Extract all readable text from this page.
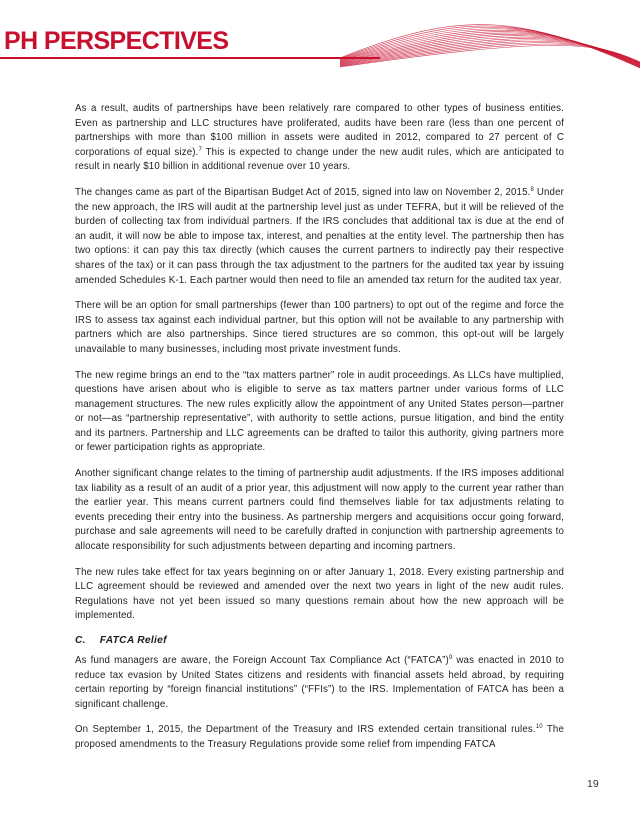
PH PERSPECTIVES

As a result, audits of partnerships have been relatively rare compared to other types of business entities. Even as partnership and LLC structures have proliferated, audits have been rare (less than one percent of partnerships with more than $100 million in assets were audited in 2012, compared to 27 percent of C corporations of equal size).$^7$ This is expected to change under the new audit rules, which are anticipated to result in nearly $10 billion in additional revenue over 10 years.

The changes came as part of the Bipartisan Budget Act of 2015, signed into law on November 2, 2015.$^8$ Under the new approach, the IRS will audit at the partnership level just as under TEFRA, but it will be relieved of the burden of collecting tax from individual partners. If the IRS concludes that additional tax is due at the end of an audit, it will now be able to impose tax, interest, and penalties at the entity level. The partnership then has two options: it can pay this tax directly (which causes the current partners to indirectly pay their respective shares of the tax) or it can pass through the tax adjustment to the partners for the audited tax year by issuing amended Schedules K-1. Each partner would then need to file an amended tax return for the audited tax year.

There will be an option for small partnerships (fewer than 100 partners) to opt out of the regime and force the IRS to assess tax against each individual partner, but this option will not be available to any partnership with partners which are also partnerships. Since tiered structures are so common, this opt-out will be largely unavailable to many businesses, including most private investment funds.

The new regime brings an end to the “tax matters partner” role in audit proceedings. As LLCs have multiplied, questions have arisen about who is eligible to serve as tax matters partner under various forms of LLC management structures. The new rules explicitly allow the appointment of any United States person—partner or not—as “partnership representative”, with authority to settle actions, pursue litigation, and bind the entity and its partners. Partnership and LLC agreements can be drafted to tailor this authority, giving partners more or fewer participation rights as appropriate.

Another significant change relates to the timing of partnership audit adjustments. If the IRS imposes additional tax liability as a result of an audit of a prior year, this adjustment will now apply to the current year rather than the earlier year. This means current partners could find themselves liable for tax adjustments relating to events preceding their entry into the business. As partnership mergers and acquisitions occur going forward, purchase and sale agreements will need to be carefully drafted in conjunction with partnership agreements to allocate responsibility for such adjustments between departing and incoming partners.

The new rules take effect for tax years beginning on or after January 1, 2018. Every existing partnership and LLC agreement should be reviewed and amended over the next two years in light of the new audit rules. Regulations have not yet been issued so many questions remain about how the new approach will be implemented.

C. FATCA Relief

As fund managers are aware, the Foreign Account Tax Compliance Act (“FATCA”)$^9$ was enacted in 2010 to reduce tax evasion by United States citizens and residents with financial assets held abroad, by requiring certain reporting by “foreign financial institutions” (“FFIs”) to the IRS. Implementation of FATCA has been a significant challenge.

On September 1, 2015, the Department of the Treasury and IRS extended certain transitional rules.$^{10}$ The proposed amendments to the Treasury Regulations provide some relief from impending FATCA

19
